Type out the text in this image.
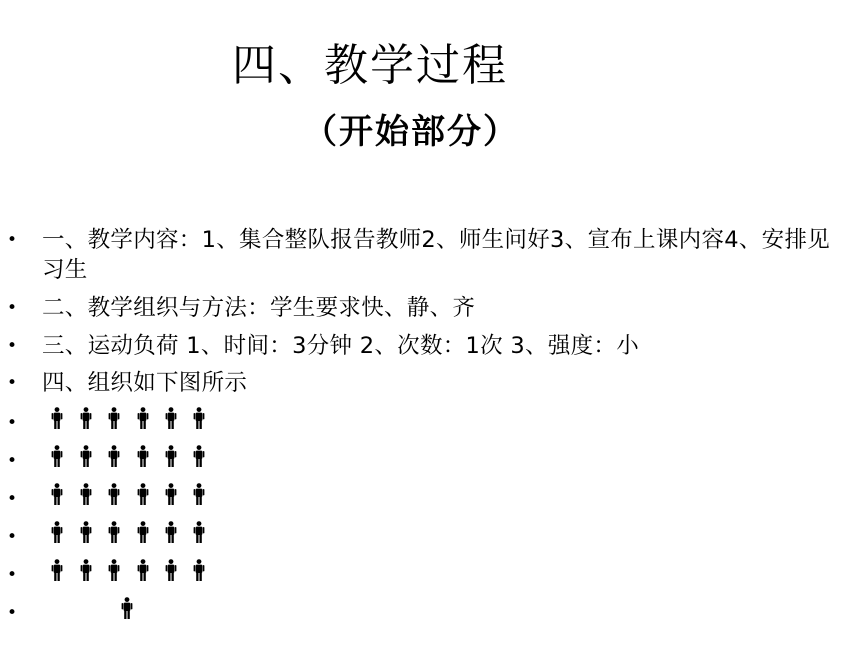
四、教学过程
（开始部分）
• 一、教学内容：1、集合整队报告教师2、师生问好3、宣布上课内容4、安排见习生
• 二、教学组织与方法：学生要求快、静、齐
• 三、运动负荷 1、时间：3分钟 2、次数：1次 3、强度：小
• 四、组织如下图所示
•
•
•
•
•
•
